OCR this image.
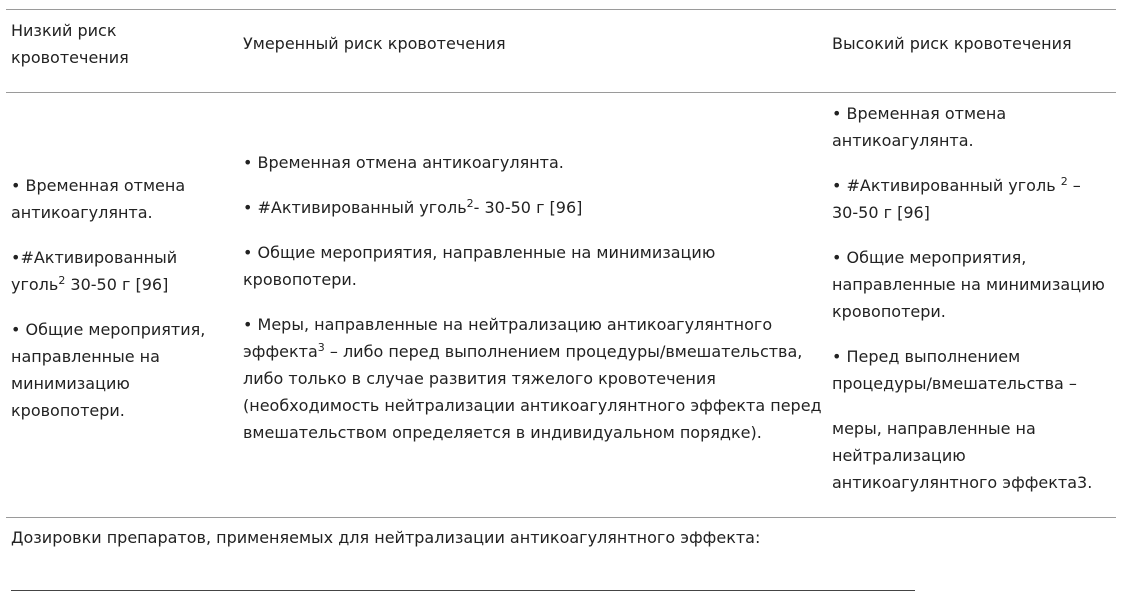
Низкий риск

кровотечения

Умеренный риск кровотечения	Высокий риск кровотечения

• Временная отмена

антикоагулянта.

•#Активированный

уголь$^2$ 30-50 г [96]

• Общие мероприятия,

направленные на

минимизацию

кровопотери.

• Временная отмена антикоагулянта.

• #Активированный уголь$^2$- 30-50 г [96]

• Общие мероприятия, направленные на минимизацию

кровопотери.

• Меры, направленные на нейтрализацию антикоагулянтного

эффекта$^3$ – либо перед выполнением процедуры/вмешательства,

либо только в случае развития тяжелого кровотечения

(необходимость нейтрализации антикоагулянтного эффекта перед

вмешательством определяется в индивидуальном порядке).

• Временная отмена

антикоагулянта.

• #Активированный уголь $^2$ –

30-50 г [96]

• Общие мероприятия,

направленные на минимизацию

кровопотери.

• Перед выполнением

процедуры/вмешательства –

меры, направленные на

нейтрализацию

антикоагулянтного эффекта3.

Дозировки препаратов, применяемых для нейтрализации антикоагулянтного эффекта:
